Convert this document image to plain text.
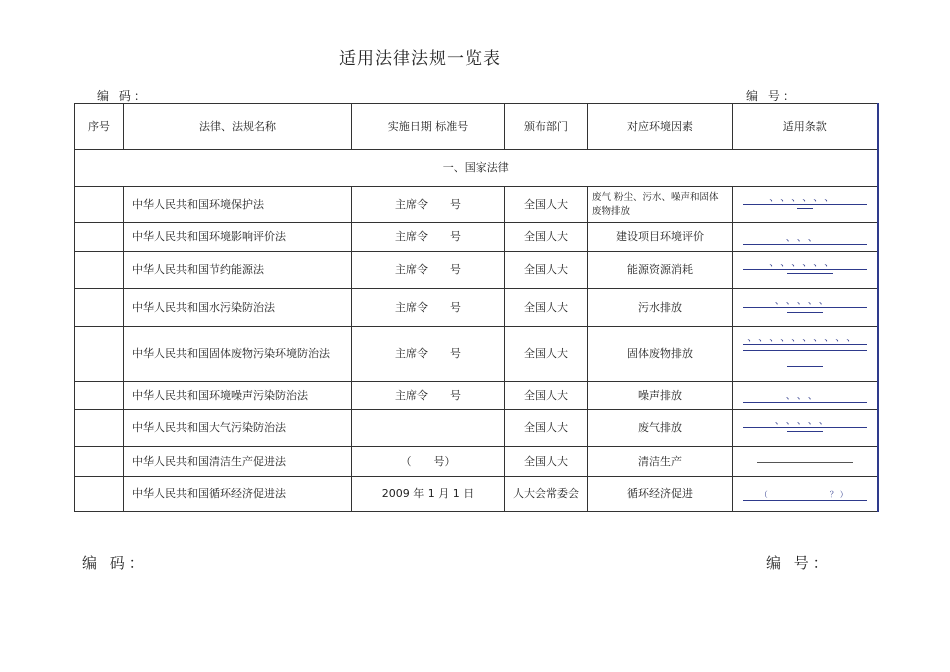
适用法律法规一览表
编 码：	编 号：
序号	法律、法规名称	实施日期 标准号	颁布部门	对应环境因素	适用条款
一、国家法律					
	中华人民共和国环境保护法	主席令　　号	全国人大	废气 粉尘、污水、噪声和固体废物排放	、、、、、、

	中华人民共和国环境影响评价法	主席令　　号	全国人大	建设项目环境评价	、、、

	中华人民共和国节约能源法	主席令　　号	全国人大	能源资源消耗	、、、、、、

	中华人民共和国水污染防治法	主席令　　号	全国人大	污水排放	、、、、、

	中华人民共和国固体废物污染环境防治法	主席令　　号	全国人大	固体废物排放	、、、、、、、、、、

	中华人民共和国环境噪声污染防治法	主席令　　号	全国人大	噪声排放	、、、

	中华人民共和国大气污染防治法		全国人大	废气排放	、、、、、

	中华人民共和国清洁生产促进法	（　　号）	全国人大	清洁生产	

	中华人民共和国循环经济促进法	2009 年 1 月 1 日	人大会常委会	循环经济促进	（　　　　　　？）
编 码：	编 号：
